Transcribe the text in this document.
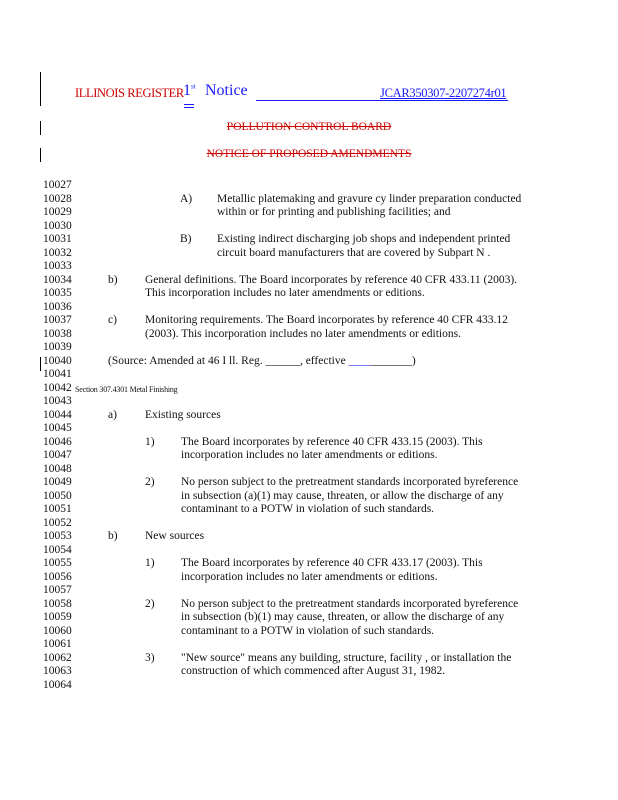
ILLINOIS REGISTER 1st Notice	JCAR350307-2207274r01
POLLUTION CONTROL BOARD
NOTICE OF PROPOSED AMENDMENTS
10027
10028
10029
10030
10031
10032
10033
10034
10035
10036
10037
10038
10039
10040
10041
10042
10043
10044
10045
10046
10047
10048
10049
10050
10051
10052
10053
10054
10055
10056
10057
10058
10059
10060
10061
10062
10063
10064
A) Metallic platemaking and gravure cy linder preparation conducted
within or for printing and publishing facilities; and
B) Existing indirect discharging job shops and independent printed
circuit board manufacturers that are covered by Subpart N .
b) General definitions. The Board incorporates by reference 40 CFR 433.11 (2003).
This incorporation includes no later amendments or editions.
c) Monitoring requirements. The Board incorporates by reference 40 CFR 433.12
(2003). This incorporation includes no later amendments or editions.
(Source: Amended at 46 I ll. Reg. ______, effective ___________)
Section 307.4301 Metal Finishing
a) Existing sources
1) The Board incorporates by reference 40 CFR 433.15 (2003). This
incorporation includes no later amendments or editions.
2) No person subject to the pretreatment standards incorporated byreference
in subsection (a)(1) may cause, threaten, or allow the discharge of any
contaminant to a POTW in violation of such standards.
b) New sources
1) The Board incorporates by reference 40 CFR 433.17 (2003). This
incorporation includes no later amendments or editions.
2) No person subject to the pretreatment standards incorporated byreference
in subsection (b)(1) may cause, threaten, or allow the discharge of any
contaminant to a POTW in violation of such standards.
3) "New source" means any building, structure, facility , or installation the
construction of which commenced after August 31, 1982.
